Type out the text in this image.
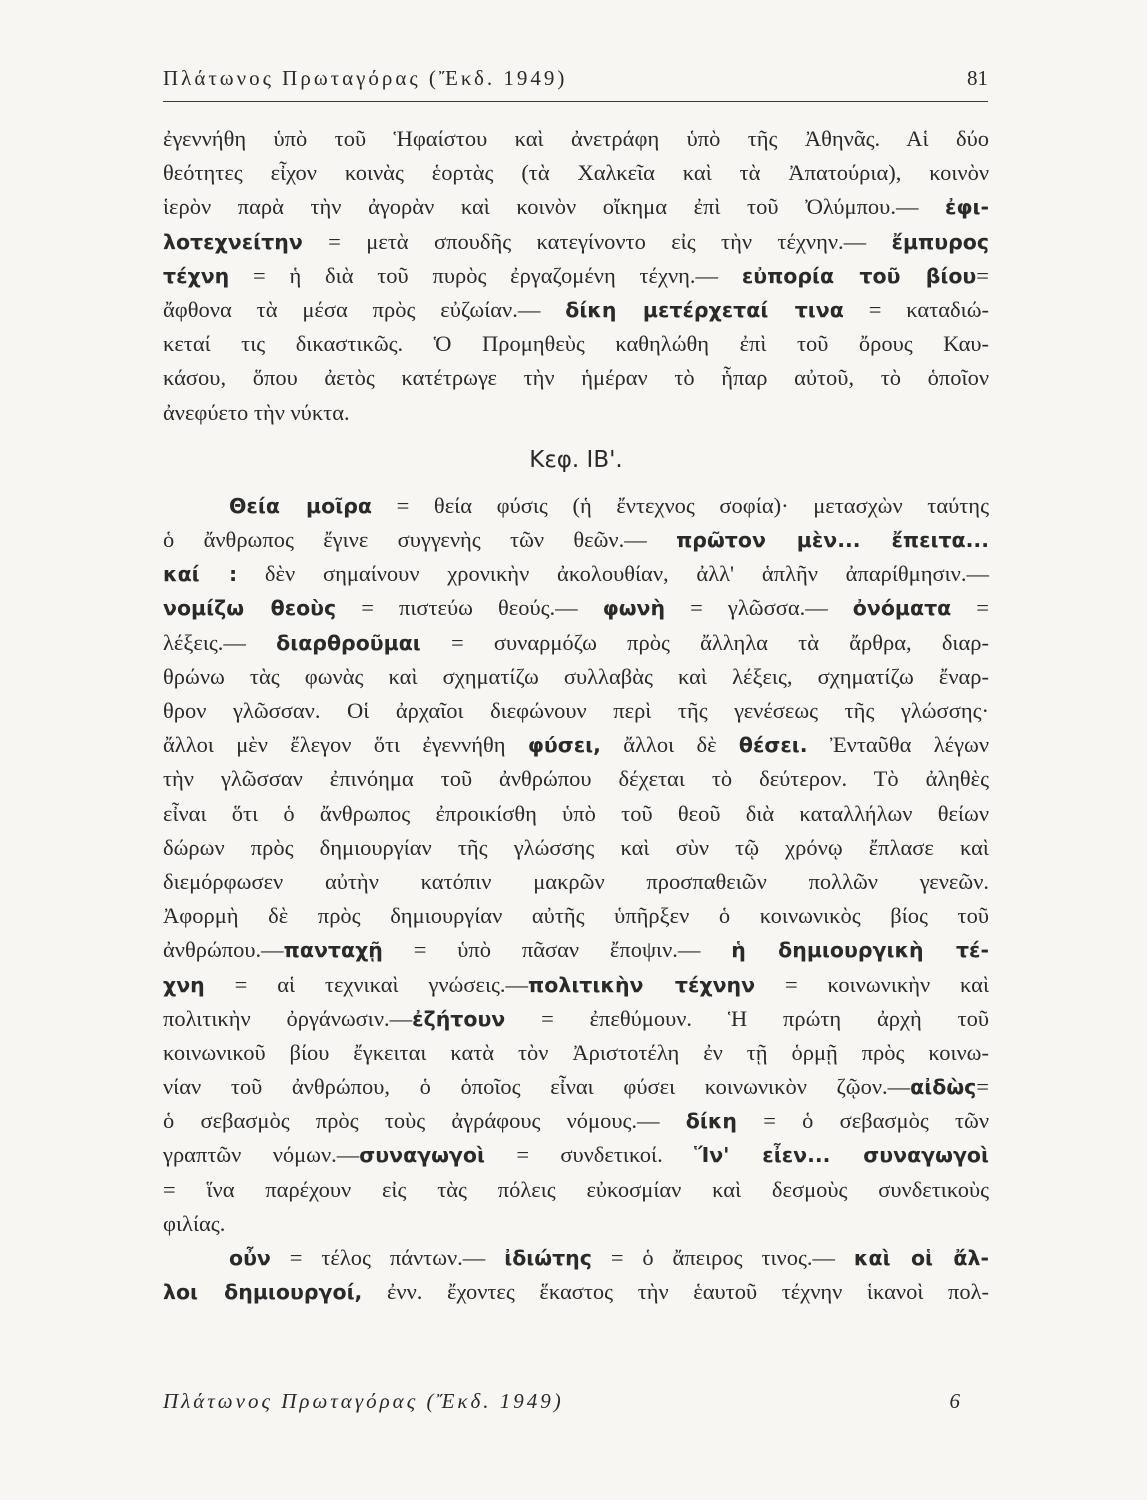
Πλάτωνος Πρωταγόρας (Ἔκδ. 1949)	81
ἐγεννήθη ὑπὸ τοῦ Ἡφαίστου καὶ ἀνετράφη ὑπὸ τῆς Ἀθηνᾶς. Αἱ δύο
θεότητες εἶχον κοινὰς ἑορτὰς (τὰ Χαλκεῖα καὶ τὰ Ἀπατούρια), κοινὸν
ἱερὸν παρὰ τὴν ἀγορὰν καὶ κοινὸν οἴκημα ἐπὶ τοῦ Ὀλύμπου.— ἐφι-
λοτεχνείτην = μετὰ σπουδῆς κατεγίνοντο εἰς τὴν τέχνην.— ἔμπυρος
τέχνη = ἡ διὰ τοῦ πυρὸς ἐργαζομένη τέχνη.— εὐπορία τοῦ βίου=
ἄφθονα τὰ μέσα πρὸς εὐζωίαν.— δίκη μετέρχεταί τινα = καταδιώ-
κεταί τις δικαστικῶς. Ὁ Προμηθεὺς καθηλώθη ἐπὶ τοῦ ὄρους Καυ-
κάσου, ὅπου ἀετὸς κατέτρωγε τὴν ἡμέραν τὸ ἧπαρ αὐτοῦ, τὸ ὁποῖον
ἀνεφύετο τὴν νύκτα.
Κεφ. ΙΒ'.
Θεία μοῖρα = θεία φύσις (ἡ ἔντεχνος σοφία)· μετασχὼν ταύτης
ὁ ἄνθρωπος ἔγινε συγγενὴς τῶν θεῶν.— πρῶτον μὲν... ἔπειτα...
καί : δὲν σημαίνουν χρονικὴν ἀκολουθίαν, ἀλλ' ἁπλῆν ἀπαρίθμησιν.—
νομίζω θεοὺς = πιστεύω θεούς.— φωνὴ = γλῶσσα.— ὀνόματα =
λέξεις.— διαρθροῦμαι = συναρμόζω πρὸς ἄλληλα τὰ ἄρθρα, διαρ-
θρώνω τὰς φωνὰς καὶ σχηματίζω συλλαβὰς καὶ λέξεις, σχηματίζω ἔναρ-
θρον γλῶσσαν. Οἱ ἀρχαῖοι διεφώνουν περὶ τῆς γενέσεως τῆς γλώσσης·
ἄλλοι μὲν ἔλεγον ὅτι ἐγεννήθη φύσει, ἄλλοι δὲ θέσει. Ἐνταῦθα λέγων
τὴν γλῶσσαν ἐπινόημα τοῦ ἀνθρώπου δέχεται τὸ δεύτερον. Τὸ ἀληθὲς
εἶναι ὅτι ὁ ἄνθρωπος ἐπροικίσθη ὑπὸ τοῦ θεοῦ διὰ καταλλήλων θείων
δώρων πρὸς δημιουργίαν τῆς γλώσσης καὶ σὺν τῷ χρόνῳ ἔπλασε καὶ
διεμόρφωσεν αὐτὴν κατόπιν μακρῶν προσπαθειῶν πολλῶν γενεῶν.
Ἀφορμὴ δὲ πρὸς δημιουργίαν αὐτῆς ὑπῆρξεν ὁ κοινωνικὸς βίος τοῦ
ἀνθρώπου.—πανταχῇ = ὑπὸ πᾶσαν ἔποψιν.— ἡ δημιουργικὴ τέ-
χνη = αἱ τεχνικαὶ γνώσεις.—πολιτικὴν τέχνην = κοινωνικὴν καὶ
πολιτικὴν ὀργάνωσιν.—ἐζήτουν = ἐπεθύμουν. Ἡ πρώτη ἀρχὴ τοῦ
κοινωνικοῦ βίου ἔγκειται κατὰ τὸν Ἀριστοτέλη ἐν τῇ ὁρμῇ πρὸς κοινω-
νίαν τοῦ ἀνθρώπου, ὁ ὁποῖος εἶναι φύσει κοινωνικὸν ζῷον.—αἰδὼς=
ὁ σεβασμὸς πρὸς τοὺς ἀγράφους νόμους.— δίκη = ὁ σεβασμὸς τῶν
γραπτῶν νόμων.—συναγωγοὶ = συνδετικοί. Ἵν' εἶεν... συναγωγοὶ
= ἵνα παρέχουν εἰς τὰς πόλεις εὐκοσμίαν καὶ δεσμοὺς συνδετικοὺς
φιλίας.
οὖν = τέλος πάντων.— ἰδιώτης = ὁ ἄπειρος τινος.— καὶ οἱ ἄλ-
λοι δημιουργοί, ἐνν. ἔχοντες ἕκαστος τὴν ἑαυτοῦ τέχνην ἱκανοὶ πολ-
Πλάτωνος Πρωταγόρας (Ἔκδ. 1949)	6
